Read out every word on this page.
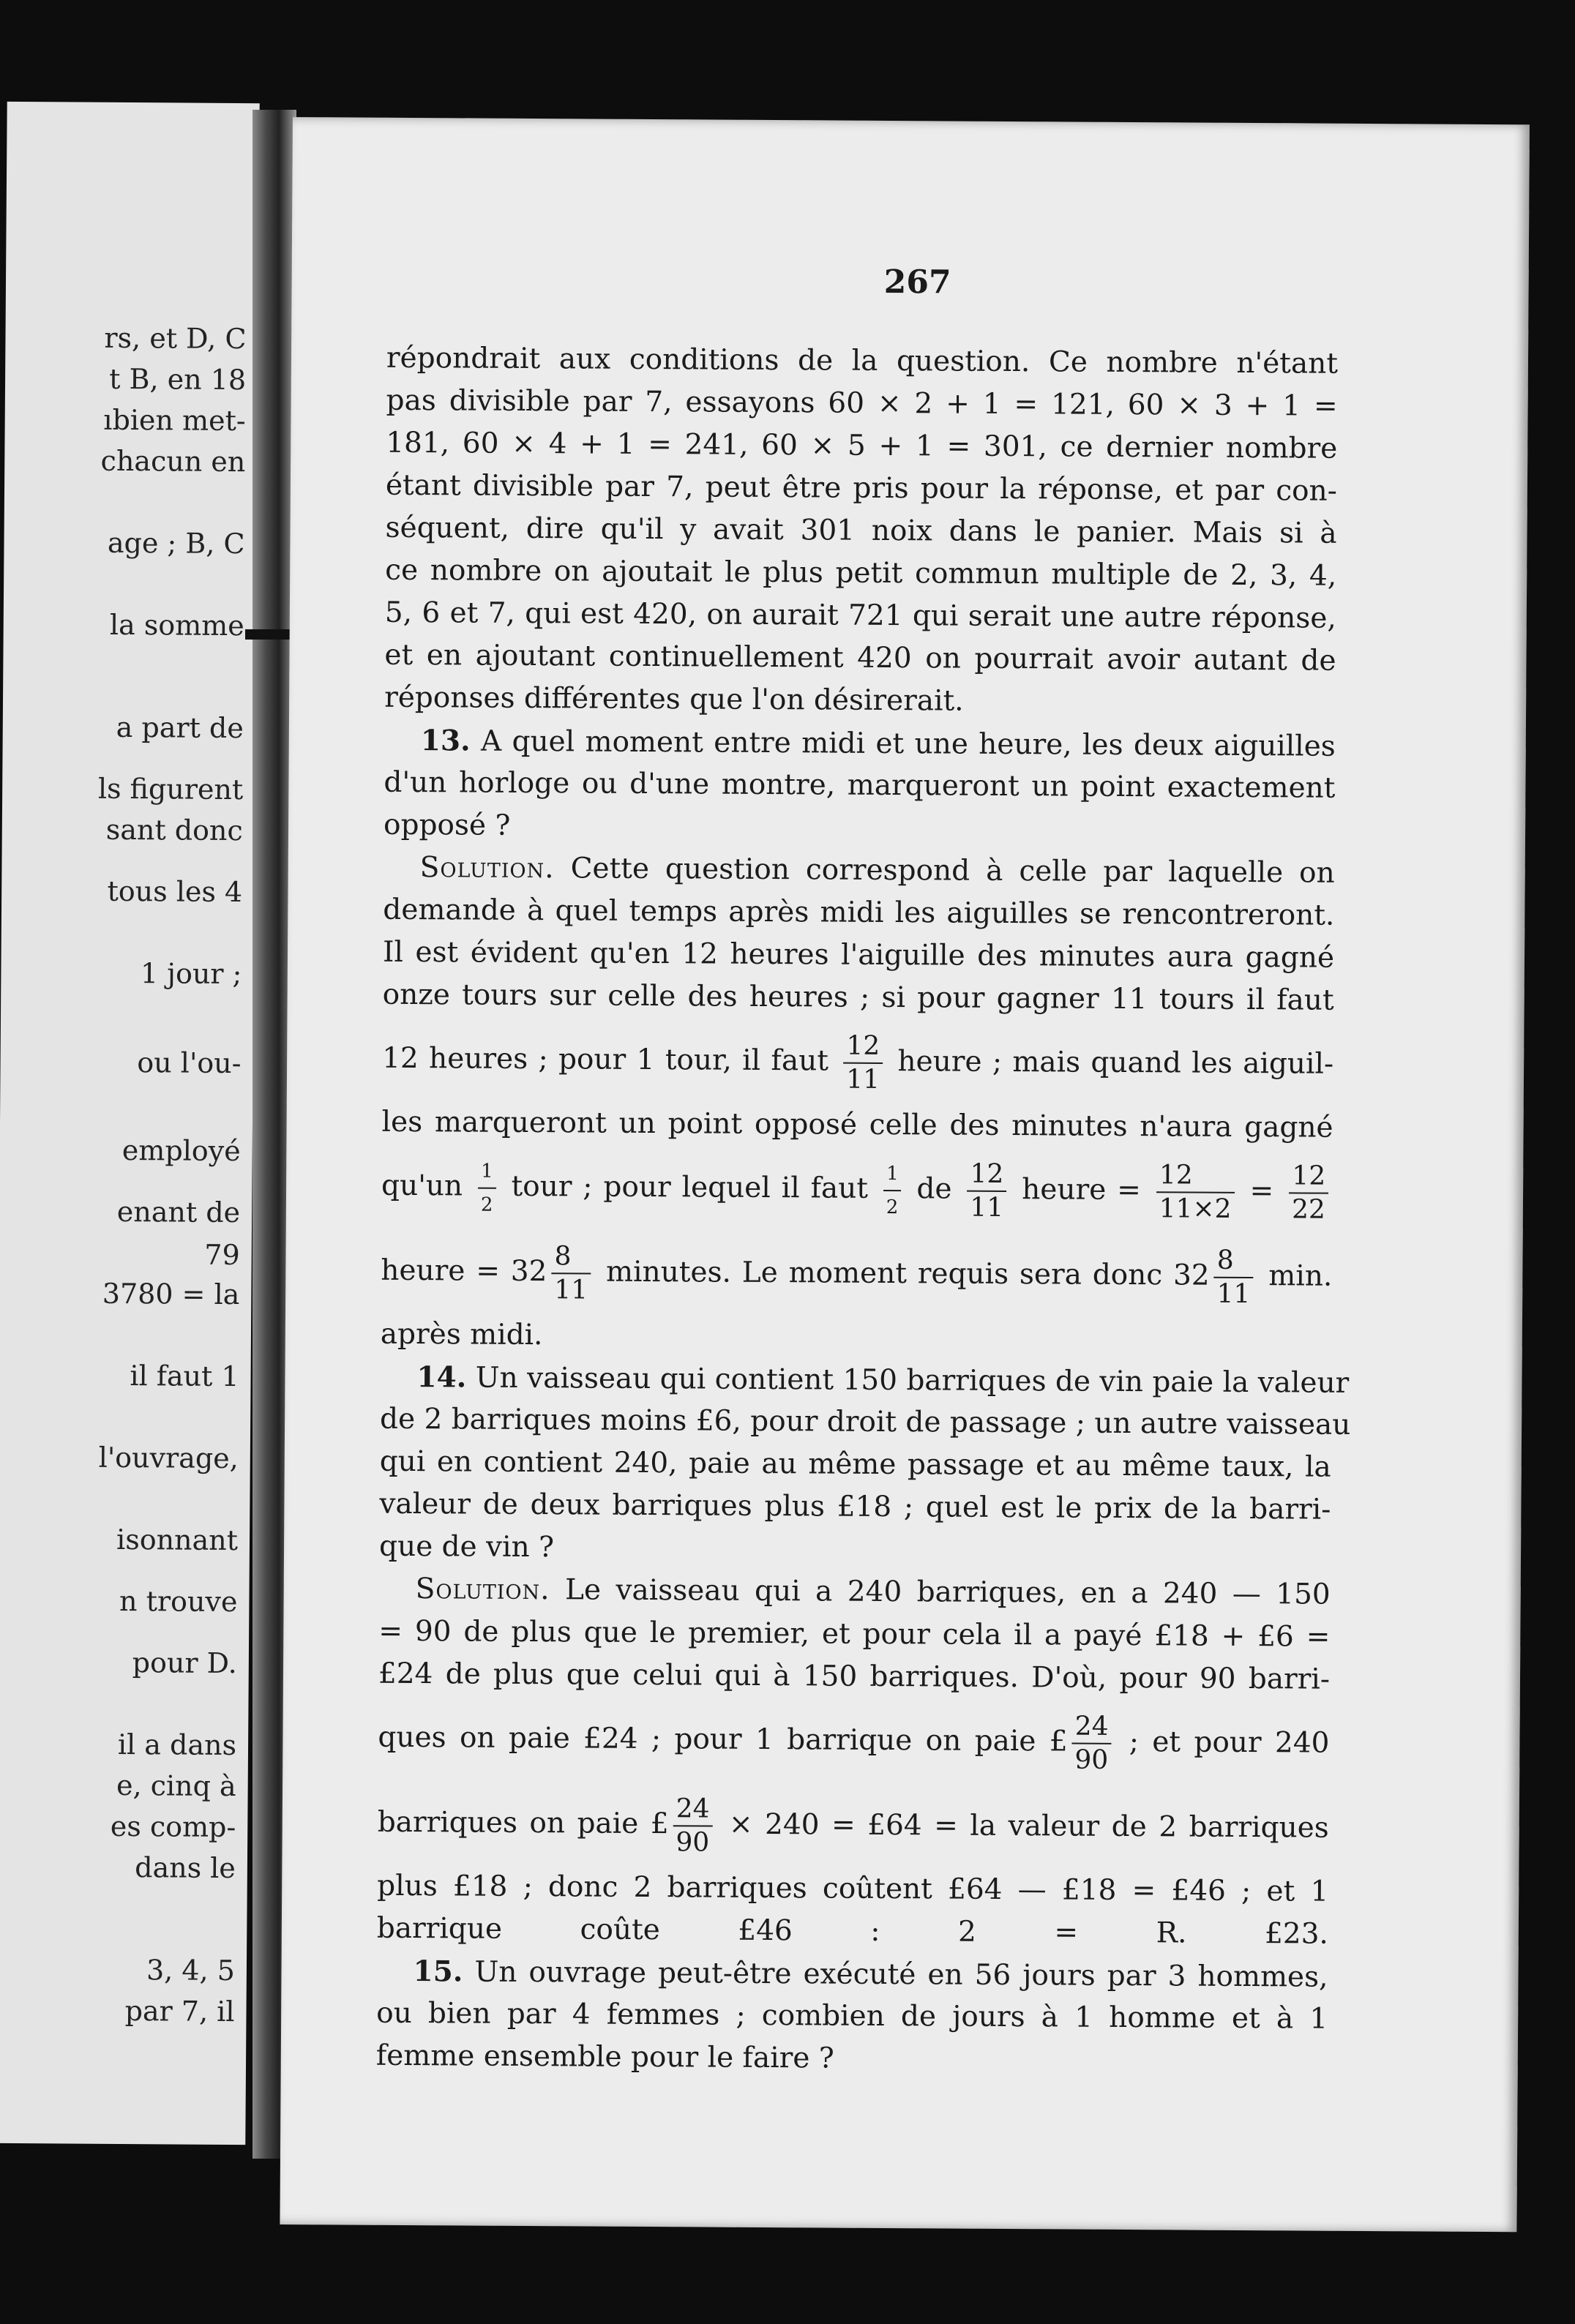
rs, et D, C
t B, en 18
ıbien met-
chacun en
age ; B, C
la somme
a part de
ls figurent
sant donc
tous les 4
1 jour ;
ou l'ou-
employé
enant de
79
3780 = la
il faut 1
l'ouvrage,
isonnant
n trouve
pour D.
il a dans
e, cinq à
es comp-
dans le
3, 4, 5
par 7, il
267
répondrait aux conditions de la question. Ce nombre n'étant
pas divisible par 7, essayons 60 × 2 + 1 = 121, 60 × 3 + 1 =
181, 60 × 4 + 1 = 241, 60 × 5 + 1 = 301, ce dernier nombre
étant divisible par 7, peut être pris pour la réponse, et par con-
séquent, dire qu'il y avait 301 noix dans le panier. Mais si à
ce nombre on ajoutait le plus petit commun multiple de 2, 3, 4,
5, 6 et 7, qui est 420, on aurait 721 qui serait une autre réponse,
et en ajoutant continuellement 420 on pourrait avoir autant de
réponses différentes que l'on désirerait.
13. A quel moment entre midi et une heure, les deux aiguilles
d'un horloge ou d'une montre, marqueront un point exactement
opposé ?
Solution. Cette question correspond à celle par laquelle on
demande à quel temps après midi les aiguilles se rencontreront.
Il est évident qu'en 12 heures l'aiguille des minutes aura gagné
onze tours sur celle des heures ; si pour gagner 11 tours il faut
12 heures ; pour 1 tour, il faut $\frac{12}{11}$ heure ; mais quand les aiguil-
les marqueront un point opposé celle des minutes n'aura gagné
$qu'un \frac{1}{2}$ tour ; pour lequel il faut $\frac{1}{2}$ de $\frac{12}{11}$ heure = $\frac{12}{11\times 2} = \frac{12}{22}$
heure = $32 \frac{8}{11}$ minutes. Le moment requis sera donc $32 \frac{8}{11} \min$.
après midi.
14. Un vaisseau qui contient 150 barriques de vin paie la valeur
de 2 barriques moins £6, pour droit de passage ; un autre vaisseau
qui en contient 240, paie au même passage et au même taux, la
valeur de deux barriques plus £18 ; quel est le prix de la barri-
que de vin ?
Solution. Le vaisseau qui a 240 barriques, en a 240 — 150
= 90 de plus que le premier, et pour cela il a payé £18 + £6 =
£24 de plus que celui qui à 150 barriques. D'où, pour 90 barri-
ques on paie £24 ; pour 1 barrique on paie £ $\frac{24}{90}$ ; et pour 240
barriques on paie £ $\frac{24}{90} \times 240$ = £64 = la valeur de 2 barriques
plus £18 ; donc 2 barriques coûtent £64 — £18 = £46 ; et 1
barrique coûte £46 : 2 =	R. £23.
15. Un ouvrage peut-être exécuté en 56 jours par 3 hommes,
ou bien par 4 femmes ; combien de jours à 1 homme et à 1
femme ensemble pour le faire ?
